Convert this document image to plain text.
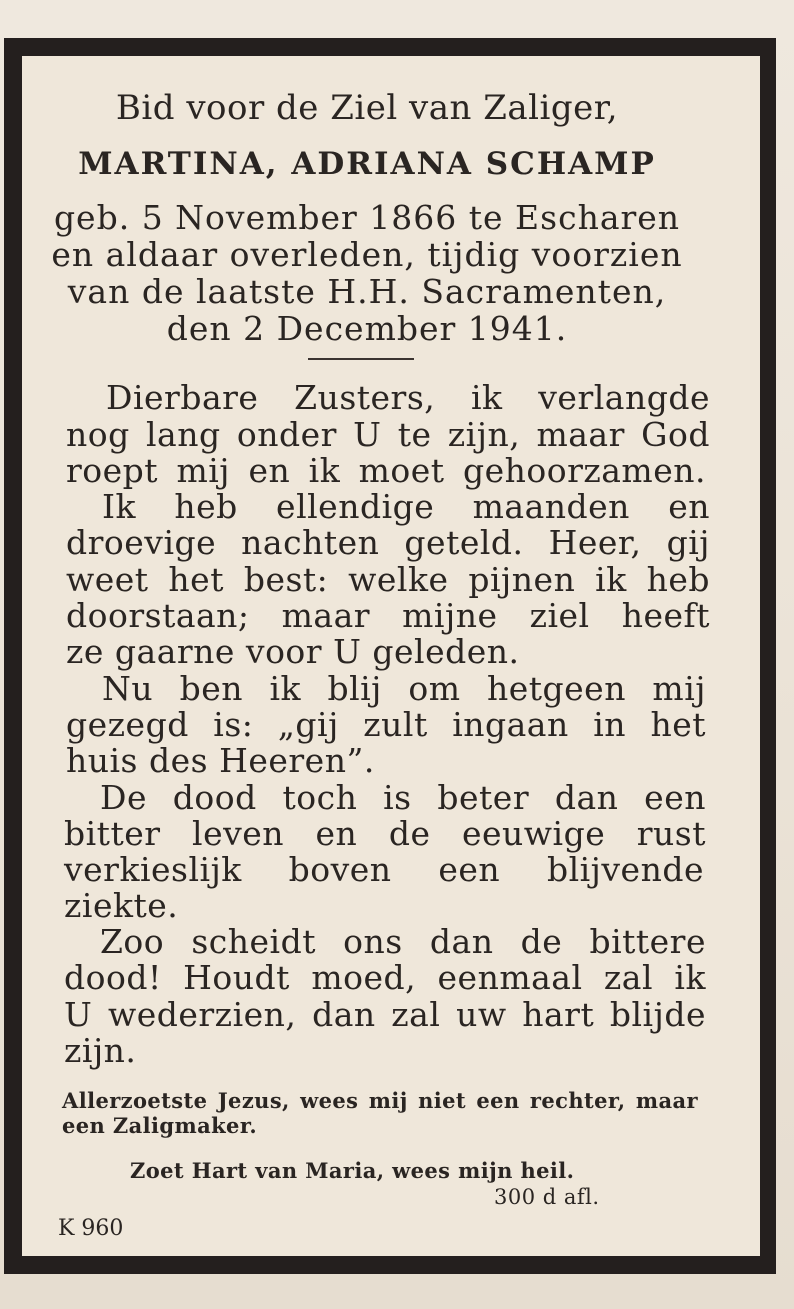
Bid voor de Ziel van Zaliger,
MARTINA, ADRIANA SCHAMP
geb. 5 November 1866 te Escharen
en aldaar overleden, tijdig voorzien
van de laatste H.H. Sacramenten,
den 2 December 1941.
Dierbare Zusters, ik verlangde
nog lang onder U te zijn, maar God
roept mij en ik moet gehoorzamen.
Ik heb ellendige maanden en
droevige nachten geteld. Heer, gij
weet het best: welke pijnen ik heb
doorstaan; maar mijne ziel heeft
ze gaarne voor U geleden.
Nu ben ik blij om hetgeen mij
gezegd is: „gij zult ingaan in het
huis des Heeren”.
De dood toch is beter dan een
bitter leven en de eeuwige rust
verkieslijk boven een blijvende
ziekte.
Zoo scheidt ons dan de bittere
dood! Houdt moed, eenmaal zal ik
U wederzien, dan zal uw hart blijde
zijn.
Allerzoetste Jezus, wees mij niet een rechter, maar
een Zaligmaker.
Zoet Hart van Maria, wees mijn heil.
300 d afl.
K 960
